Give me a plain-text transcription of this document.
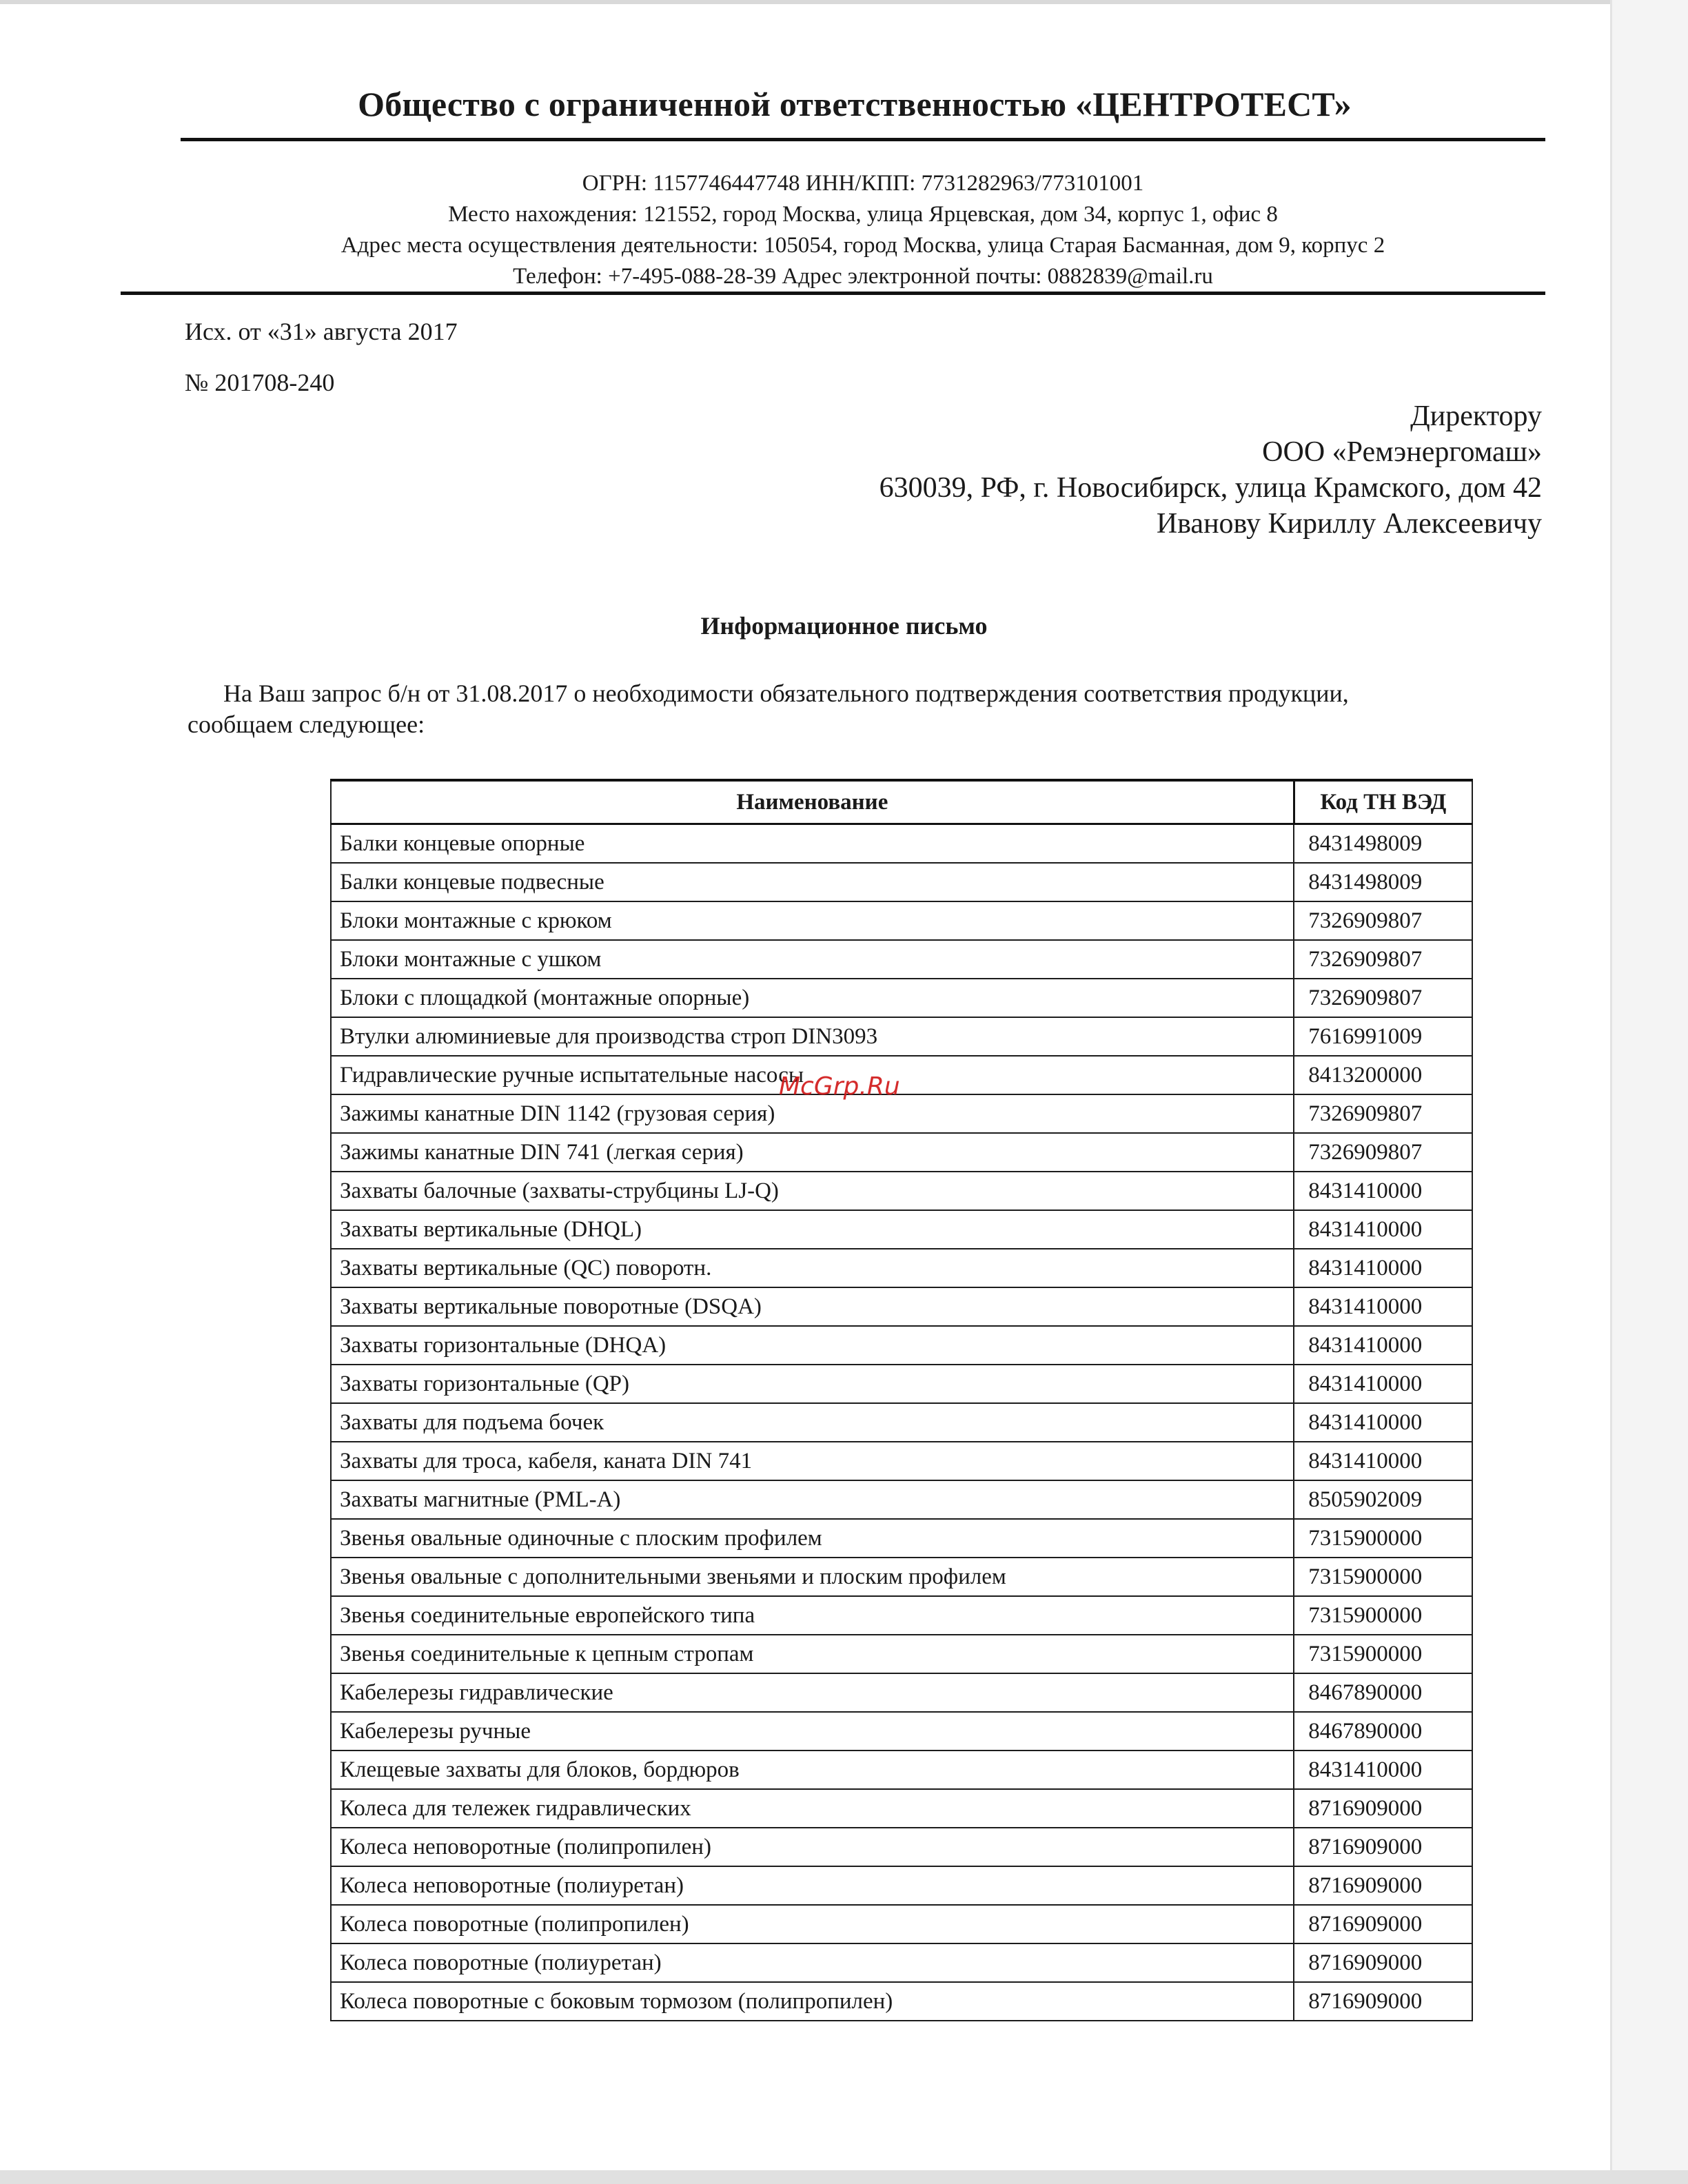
Общество с ограниченной ответственностью «ЦЕНТРОТЕСТ»
ОГРН: 1157746447748 ИНН/КПП: 7731282963/773101001
Место нахождения: 121552, город Москва, улица Ярцевская, дом 34, корпус 1, офис 8
Адрес места осуществления деятельности: 105054, город Москва, улица Старая Басманная, дом 9, корпус 2
Телефон: +7-495-088-28-39 Адрес электронной почты: 0882839@mail.ru
Исх. от «31» августа 2017
№ 201708-240
Директору
ООО «Ремэнергомаш»
630039, РФ, г. Новосибирск, улица Крамского, дом 42
Иванову Кириллу Алексеевичу
Информационное письмо
На Ваш запрос б/н от 31.08.2017 о необходимости обязательного подтверждения соответствия продукции,
сообщаем следующее:
Наименование	Код ТН ВЭД
Балки концевые опорные	8431498009
Балки концевые подвесные	8431498009
Блоки монтажные с крюком	7326909807
Блоки монтажные с ушком	7326909807
Блоки с площадкой (монтажные опорные)	7326909807
Втулки алюминиевые для производства строп DIN3093	7616991009
Гидравлические ручные испытательные насосы	8413200000
Зажимы канатные DIN 1142 (грузовая серия)	7326909807
Зажимы канатные DIN 741 (легкая серия)	7326909807
Захваты балочные (захваты-струбцины LJ-Q)	8431410000
Захваты вертикальные (DHQL)	8431410000
Захваты вертикальные (QC) поворотн.	8431410000
Захваты вертикальные поворотные (DSQA)	8431410000
Захваты горизонтальные (DHQA)	8431410000
Захваты горизонтальные (QP)	8431410000
Захваты для подъема бочек	8431410000
Захваты для троса, кабеля, каната DIN 741	8431410000
Захваты магнитные (PML-A)	8505902009
Звенья овальные одиночные с плоским профилем	7315900000
Звенья овальные с дополнительными звеньями и плоским профилем	7315900000
Звенья соединительные европейского типа	7315900000
Звенья соединительные к цепным стропам	7315900000
Кабелерезы гидравлические	8467890000
Кабелерезы ручные	8467890000
Клещевые захваты для блоков, бордюров	8431410000
Колеса для тележек гидравлических	8716909000
Колеса неповоротные (полипропилен)	8716909000
Колеса неповоротные (полиуретан)	8716909000
Колеса поворотные (полипропилен)	8716909000
Колеса поворотные (полиуретан)	8716909000
Колеса поворотные с боковым тормозом (полипропилен)	8716909000
McGrp.Ru
